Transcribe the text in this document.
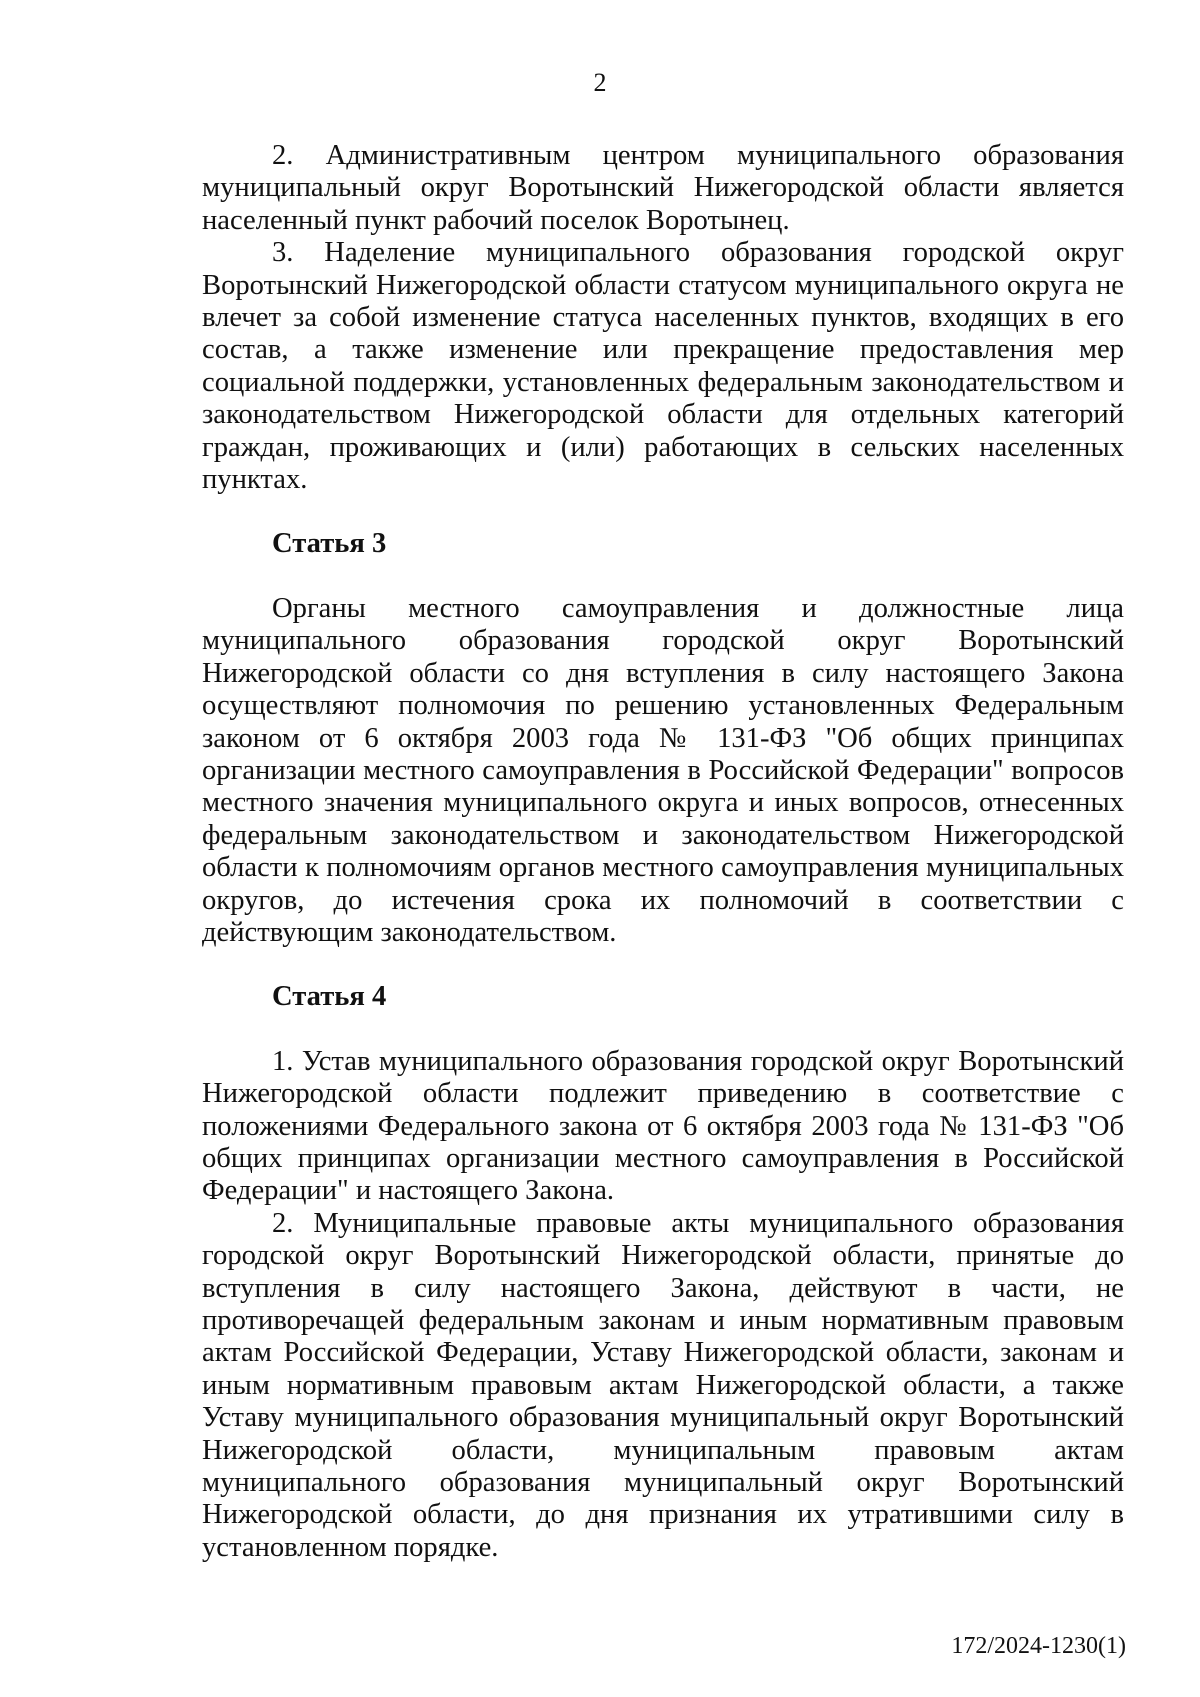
2

2. Административным центром муниципального образования муниципальный округ Воротынский Нижегородской области является населенный пункт рабочий поселок Воротынец.

3. Наделение муниципального образования городской округ Воротынский Нижегородской области статусом муниципального округа не влечет за собой изменение статуса населенных пунктов, входящих в его состав, а также изменение или прекращение предоставления мер социальной поддержки, установленных федеральным законодательством и законодательством Нижегородской области для отдельных категорий граждан, проживающих и (или) работающих в сельских населенных пунктах.

Статья 3

Органы местного самоуправления и должностные лица муниципального образования городской округ Воротынский Нижегородской области со дня вступления в силу настоящего Закона осуществляют полномочия по решению установленных Федеральным законом от 6 октября 2003 года № 131-ФЗ "Об общих принципах организации местного самоуправления в Российской Федерации" вопросов местного значения муниципального округа и иных вопросов, отнесенных федеральным законодательством и законодательством Нижегородской области к полномочиям органов местного самоуправления муниципальных округов, до истечения срока их полномочий в соответствии с действующим законодательством.

Статья 4

1. Устав муниципального образования городской округ Воротынский Нижегородской области подлежит приведению в соответствие с положениями Федерального закона от 6 октября 2003 года № 131-ФЗ "Об общих принципах организации местного самоуправления в Российской Федерации" и настоящего Закона.

2. Муниципальные правовые акты муниципального образования городской округ Воротынский Нижегородской области, принятые до вступления в силу настоящего Закона, действуют в части, не противоречащей федеральным законам и иным нормативным правовым актам Российской Федерации, Уставу Нижегородской области, законам и иным нормативным правовым актам Нижегородской области, а также Уставу муниципального образования муниципальный округ Воротынский Нижегородской области, муниципальным правовым актам муниципального образования муниципальный округ Воротынский Нижегородской области, до дня признания их утратившими силу в установленном порядке.

172/2024-1230(1)
